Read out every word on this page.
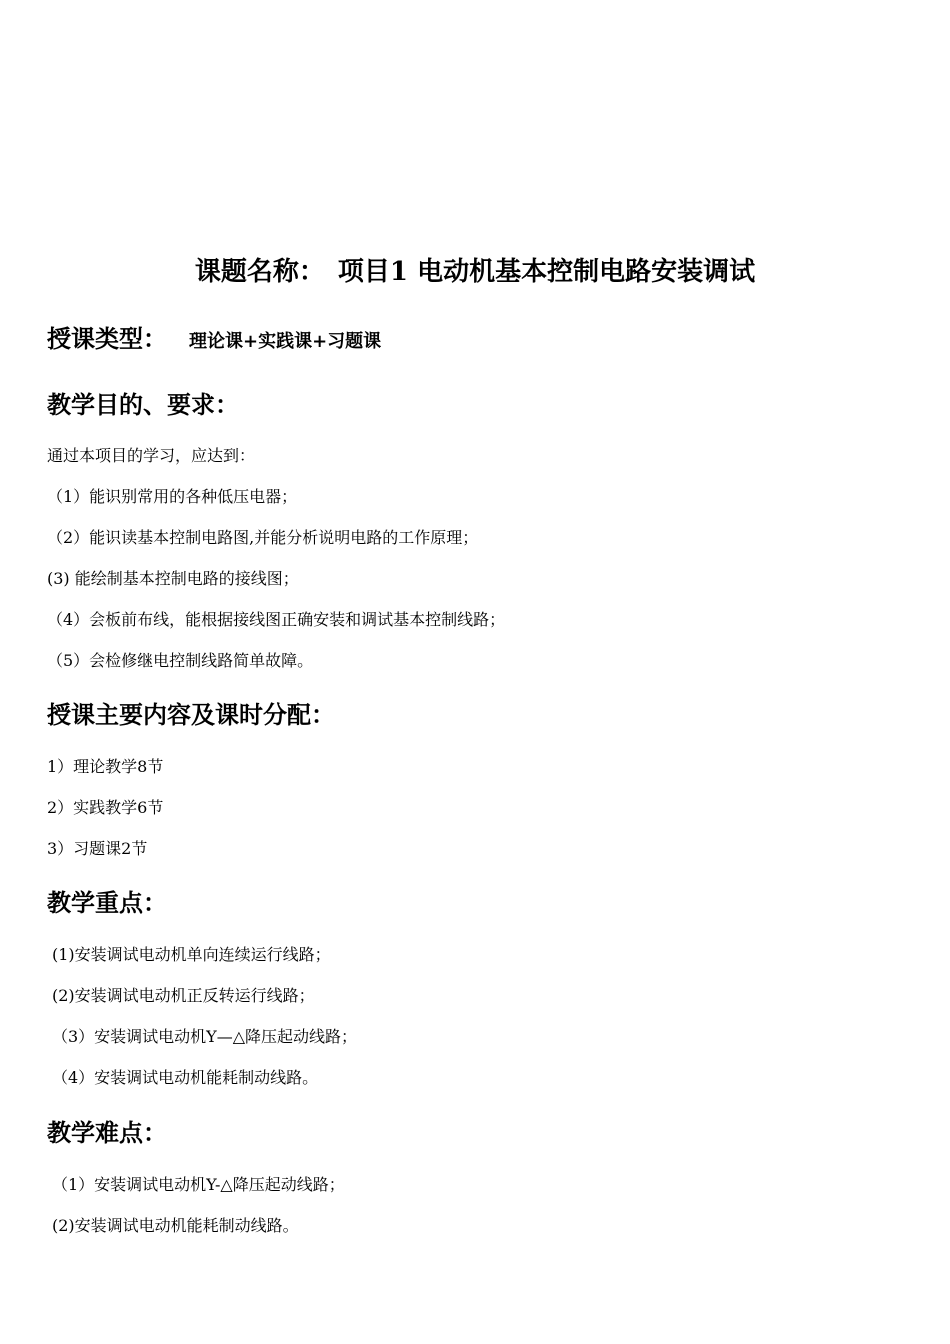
课题名称：　项目1 电动机基本控制电路安装调试
授课类型： 理论课+实践课+习题课
教学目的、要求：
通过本项目的学习，应达到：
（1）能识别常用的各种低压电器；
（2）能识读基本控制电路图,并能分析说明电路的工作原理；
(3) 能绘制基本控制电路的接线图；
（4）会板前布线，能根据接线图正确安装和调试基本控制线路；
（5）会检修继电控制线路简单故障。
授课主要内容及课时分配：
1）理论教学8节
2）实践教学6节
3）习题课2节
教学重点：
(1)安装调试电动机单向连续运行线路；
(2)安装调试电动机正反转运行线路；
（3）安装调试电动机Y—△降压起动线路；
（4）安装调试电动机能耗制动线路。
教学难点：
（1）安装调试电动机Y-△降压起动线路；
(2)安装调试电动机能耗制动线路。
